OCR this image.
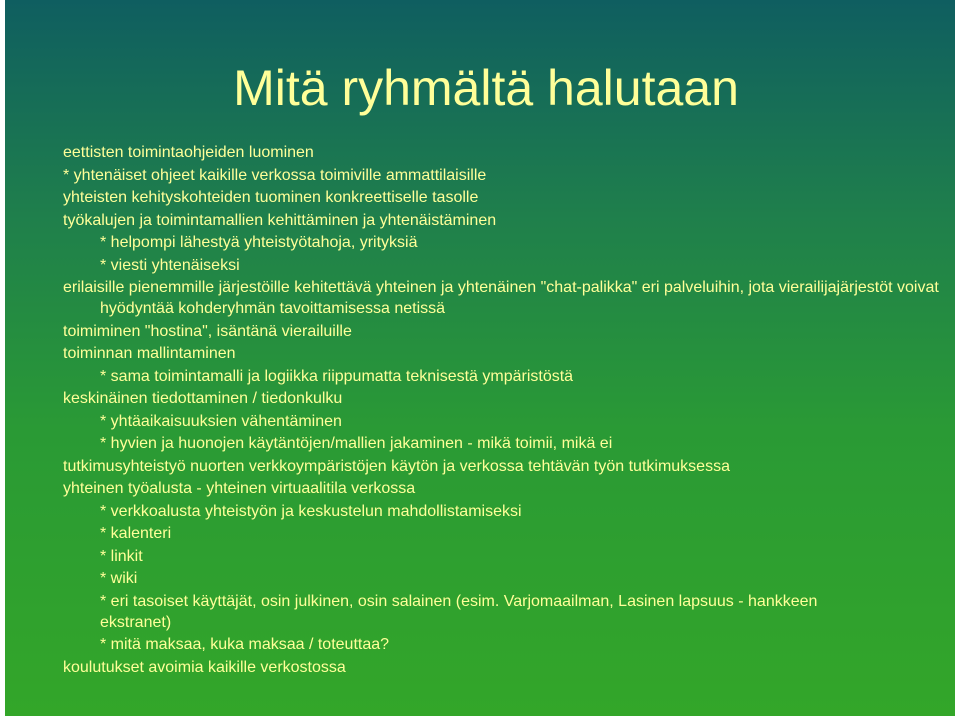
Mitä ryhmältä halutaan
eettisten toimintaohjeiden luominen
* yhtenäiset ohjeet kaikille verkossa toimiville ammattilaisille
yhteisten kehityskohteiden tuominen konkreettiselle tasolle
työkalujen ja toimintamallien kehittäminen ja yhtenäistäminen
* helpompi lähestyä yhteistyötahoja, yrityksiä
* viesti yhtenäiseksi
erilaisille pienemmille järjestöille kehitettävä yhteinen ja yhtenäinen "chat-palikka" eri palveluihin, jota vierailijajärjestöt voivat hyödyntää kohderyhmän tavoittamisessa netissä
toimiminen "hostina", isäntänä vierailuille
toiminnan mallintaminen
* sama toimintamalli ja logiikka riippumatta teknisestä ympäristöstä
keskinäinen tiedottaminen / tiedonkulku
* yhtäaikaisuuksien vähentäminen
* hyvien ja huonojen käytäntöjen/mallien jakaminen - mikä toimii, mikä ei
tutkimusyhteistyö nuorten verkkoympäristöjen käytön ja verkossa tehtävän työn tutkimuksessa
yhteinen työalusta - yhteinen virtuaalitila verkossa
* verkkoalusta yhteistyön ja keskustelun mahdollistamiseksi
* kalenteri
* linkit
* wiki
* eri tasoiset käyttäjät, osin julkinen, osin salainen (esim. Varjomaailman, Lasinen lapsuus - hankkeen ekstranet)
* mitä maksaa, kuka maksaa / toteuttaa?
koulutukset avoimia kaikille verkostossa
